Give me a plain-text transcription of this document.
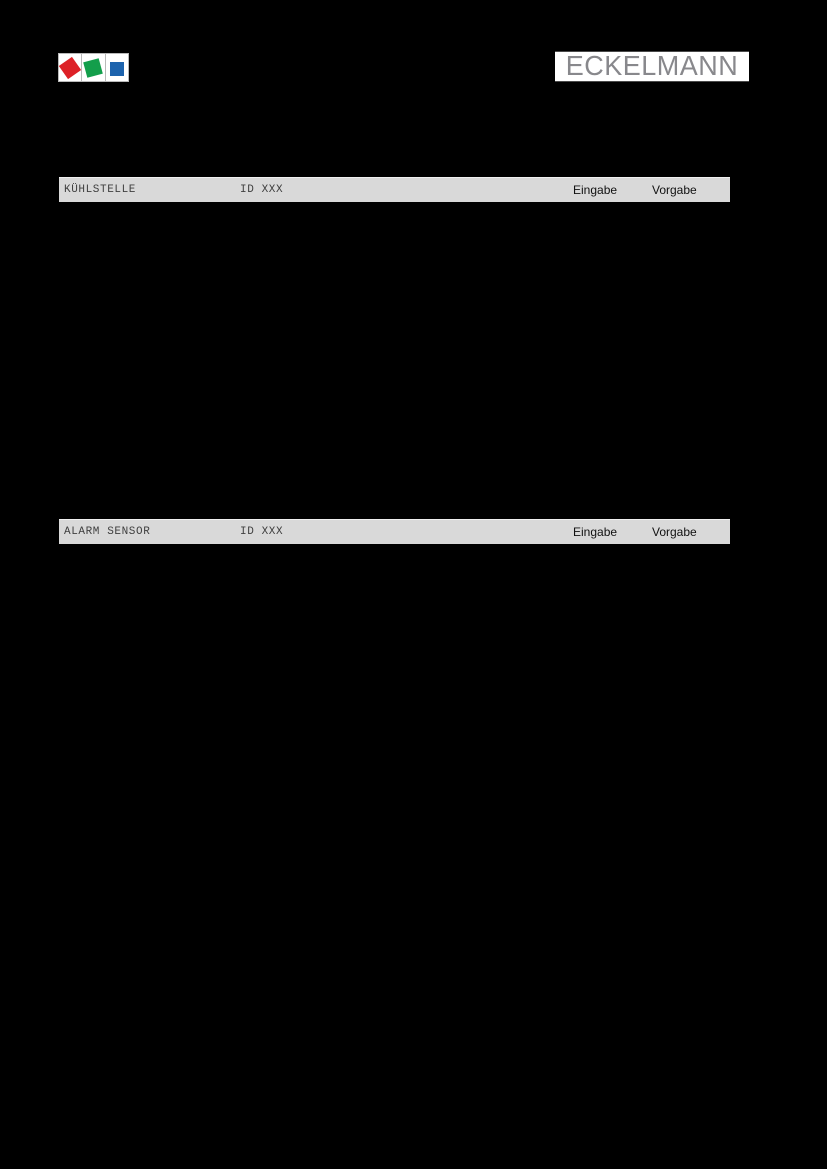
ECKELMANN
KÜHLSTELLE	ID XXX	Eingabe	Vorgabe
ALARM SENSOR	ID XXX	Eingabe	Vorgabe
